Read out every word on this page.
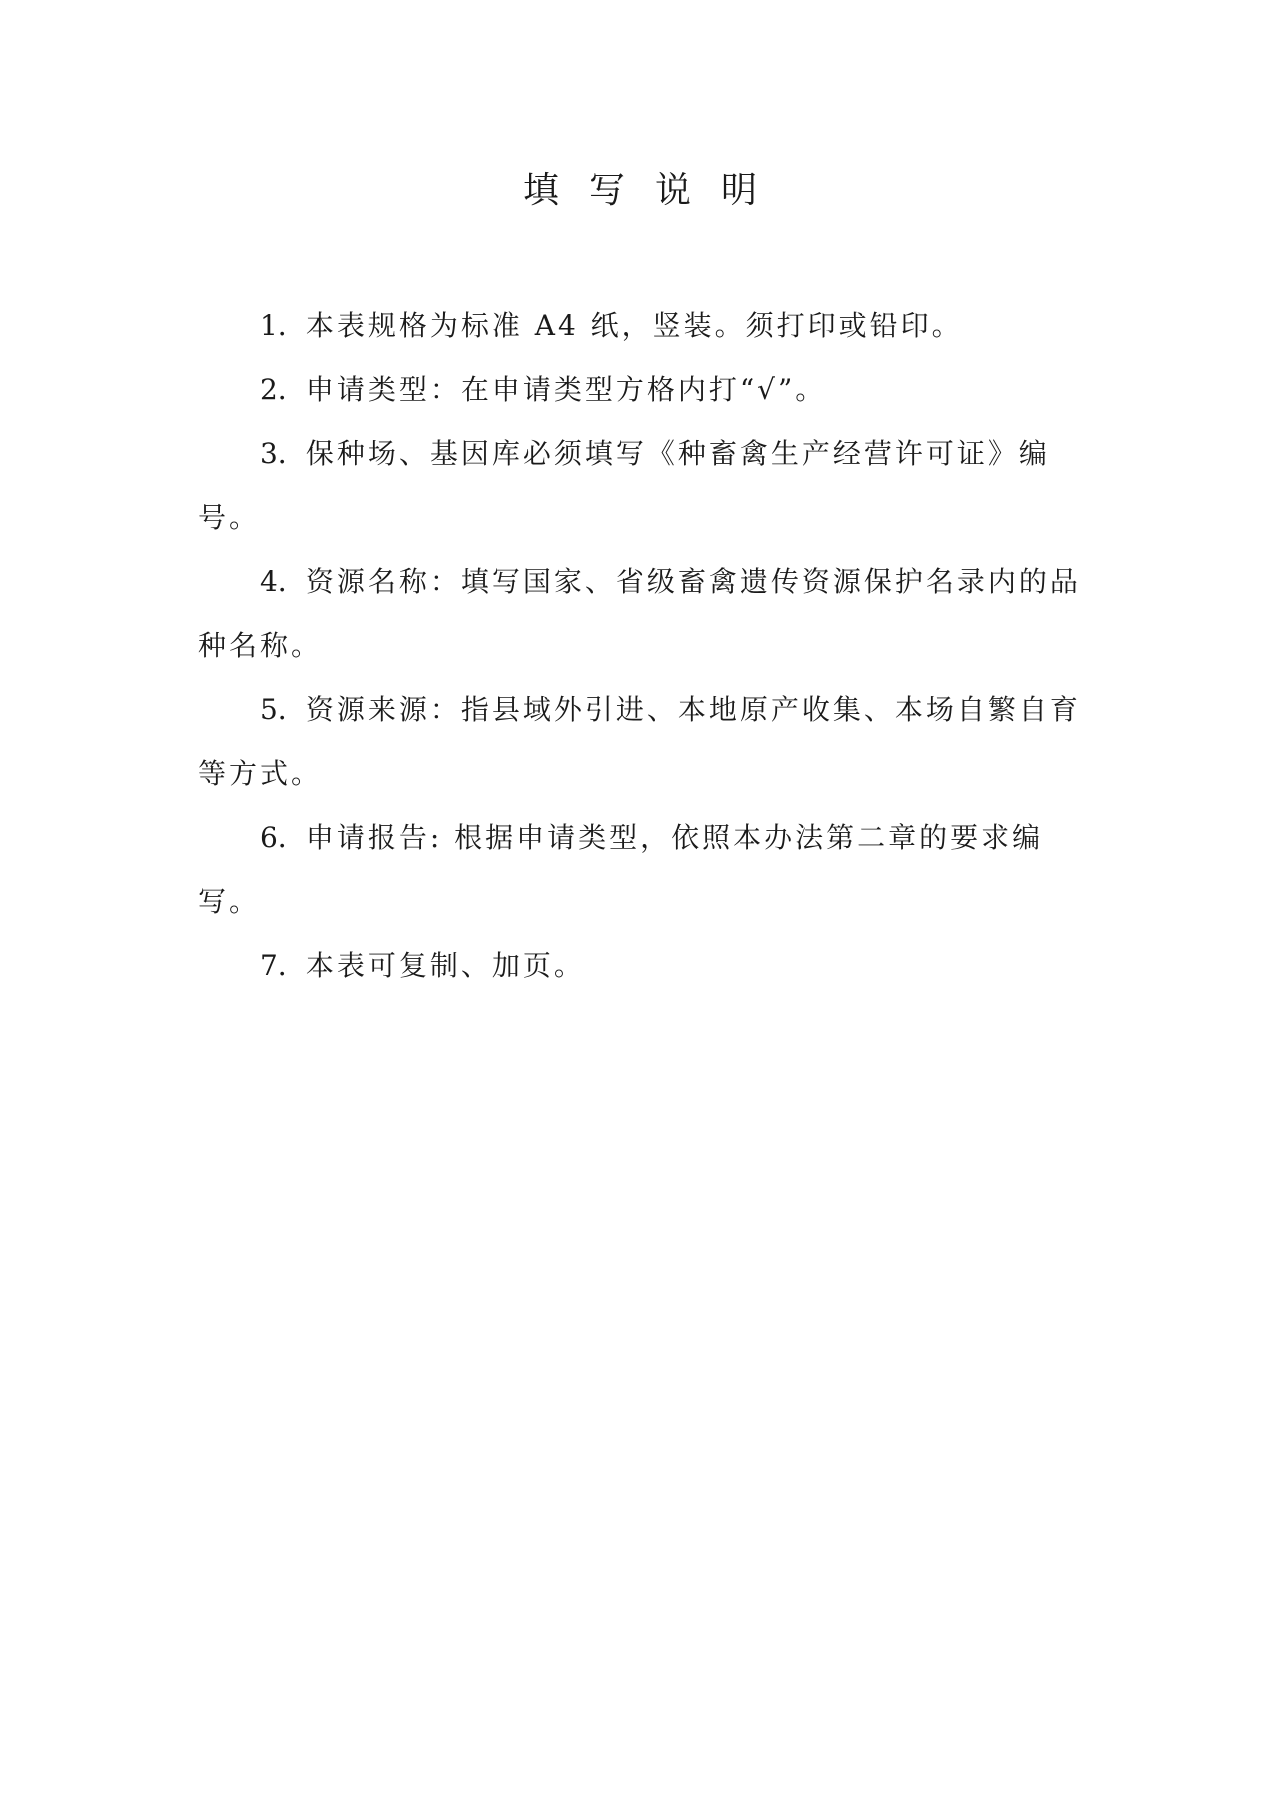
填写说明

1．本表规格为标准 A4 纸，竖装。须打印或铅印。

2．申请类型：在申请类型方格内打“√”。

3．保种场、基因库必须填写《种畜禽生产经营许可证》编号。

4．资源名称：填写国家、省级畜禽遗传资源保护名录内的品种名称。

5．资源来源：指县域外引进、本地原产收集、本场自繁自育等方式。

6．申请报告: 根据申请类型，依照本办法第二章的要求编写。

7．本表可复制、加页。
